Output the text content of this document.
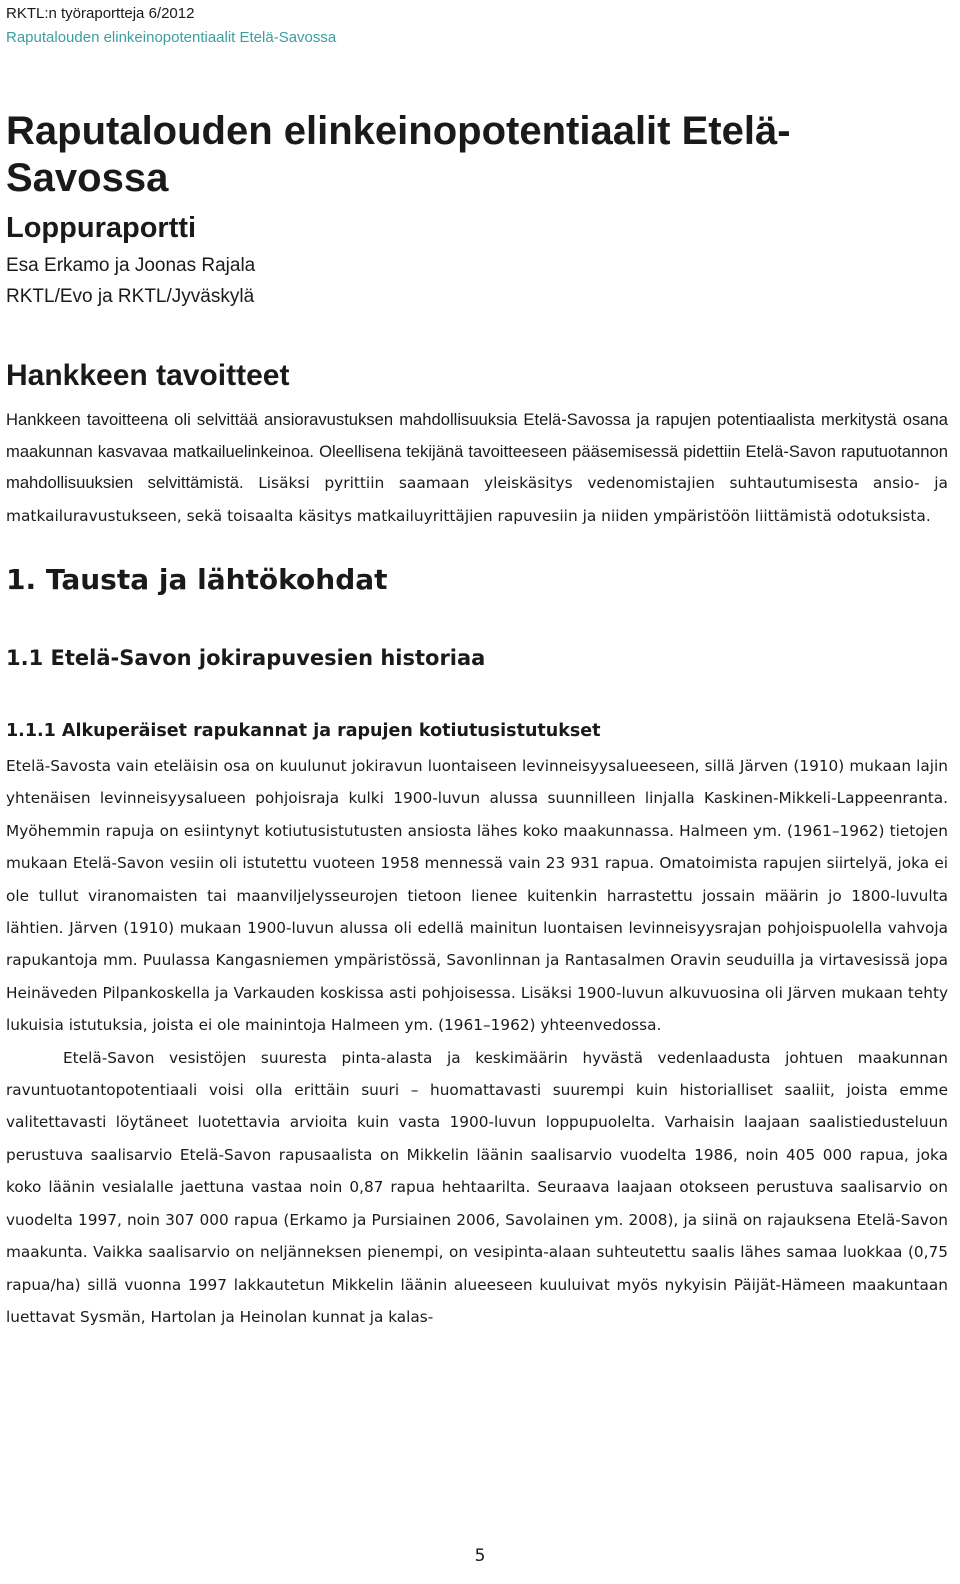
RKTL:n työraportteja 6/2012
Raputalouden elinkeinopotentiaalit Etelä-Savossa
Raputalouden elinkeinopotentiaalit Etelä-Savossa
Loppuraportti

Esa Erkamo ja Joonas Rajala

RKTL/Evo ja RKTL/Jyväskylä

Hankkeen tavoitteet

Hankkeen tavoitteena oli selvittää ansioravustuksen mahdollisuuksia Etelä-Savossa ja rapujen potentiaalista merkitystä osana maakunnan kasvavaa matkailuelinkeinoa. Oleellisena tekijänä tavoitteeseen pääsemisessä pidettiin Etelä-Savon raputuotannon mahdollisuuksien selvittämistä. Lisäksi pyrittiin saamaan yleiskäsitys vedenomistajien suhtautumisesta ansio- ja matkailuravustukseen, sekä toisaalta käsitys matkailuyrittäjien rapuvesiin ja niiden ympäristöön liittämistä odotuksista.

1. Tausta ja lähtökohdat
1.1 Etelä-Savon jokirapuvesien historiaa
1.1.1 Alkuperäiset rapukannat ja rapujen kotiutusistutukset

Etelä-Savosta vain eteläisin osa on kuulunut jokiravun luontaiseen levinneisyysalueeseen, sillä Järven (1910) mukaan lajin yhtenäisen levinneisyysalueen pohjoisraja kulki 1900-luvun alussa suunnilleen linjalla Kaskinen-Mikkeli-Lappeenranta. Myöhemmin rapuja on esiintynyt kotiutusistutusten ansiosta lähes koko maakunnassa. Halmeen ym. (1961–1962) tietojen mukaan Etelä-Savon vesiin oli istutettu vuoteen 1958 mennessä vain 23 931 rapua. Omatoimista rapujen siirtelyä, joka ei ole tullut viranomaisten tai maanviljelysseurojen tietoon lienee kuitenkin harrastettu jossain määrin jo 1800-luvulta lähtien. Järven (1910) mukaan 1900-luvun alussa oli edellä mainitun luontaisen levinneisyysrajan pohjoispuolella vahvoja rapukantoja mm. Puulassa Kangasniemen ympäristössä, Savonlinnan ja Rantasalmen Oravin seuduilla ja virtavesissä jopa Heinäveden Pilpankoskella ja Varkauden koskissa asti pohjoisessa. Lisäksi 1900-luvun alkuvuosina oli Järven mukaan tehty lukuisia istutuksia, joista ei ole mainintoja Halmeen ym. (1961–1962) yhteenvedossa.

Etelä-Savon vesistöjen suuresta pinta-alasta ja keskimäärin hyvästä vedenlaadusta johtuen maakunnan ravuntuotantopotentiaali voisi olla erittäin suuri – huomattavasti suurempi kuin historialliset saaliit, joista emme valitettavasti löytäneet luotettavia arvioita kuin vasta 1900-luvun loppupuolelta. Varhaisin laajaan saalistiedusteluun perustuva saalisarvio Etelä-Savon rapusaalista on Mikkelin läänin saalisarvio vuodelta 1986, noin 405 000 rapua, joka koko läänin vesialalle jaettuna vastaa noin 0,87 rapua hehtaarilta. Seuraava laajaan otokseen perustuva saalisarvio on vuodelta 1997, noin 307 000 rapua (Erkamo ja Pursiainen 2006, Savolainen ym. 2008), ja siinä on rajauksena Etelä-Savon maakunta. Vaikka saalisarvio on neljänneksen pienempi, on vesipinta-alaan suhteutettu saalis lähes samaa luokkaa (0,75 rapua/ha) sillä vuonna 1997 lakkautetun Mikkelin läänin alueeseen kuuluivat myös nykyisin Päijät-Hämeen maakuntaan luettavat Sysmän, Hartolan ja Heinolan kunnat ja kalas-

5
